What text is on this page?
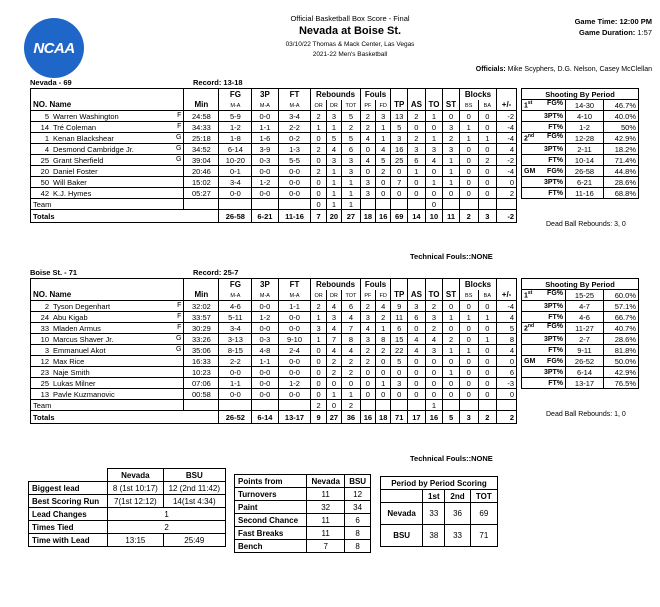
NCAA
Official Basketball Box Score - Final
Nevada at Boise St.
03/10/22 Thomas & Mack Center, Las Vegas
2021-22 Men's Basketball
Game Time: 12:00 PM
Game Duration: 1:57
Officials: Mike Scyphers, D.G. Nelson, Casey McClellan
Nevada - 69	Record: 13-18
		FG	3P	FT	Rebounds			Fouls						Blocks		
NO. Name	Min	M-A	M-A	M-A	OR	DR	TOT	PF	FD	TP	AS	TO	ST	BS	BA	+/-
5 Warren Washington F	24:58	5-9	0-0	3-4	2	3	5	2	3	13	2	1	0	0	0	-2
14 Tré Coleman F	34:33	1-2	1-1	2-2	1	1	2	2	1	5	0	0	3	1	0	-4
1 Kenan Blackshear G	25:18	1-8	1-6	0-2	0	5	5	4	1	3	2	1	2	1	1	-4
4 Desmond Cambridge Jr. G	34:52	6-14	3-9	1-3	2	4	6	0	4	16	3	3	3	0	0	4
25 Grant Sherfield G	39:04	10-20	0-3	5-5	0	3	3	4	5	25	6	4	1	0	2	-2
20 Daniel Foster	20:46	0-1	0-0	0-0	2	1	3	0	2	0	1	0	1	0	0	-4
50 Will Baker	15:02	3-4	1-2	0-0	0	1	1	3	0	7	0	1	1	0	0	0
42 K.J. Hymes	05:27	0-0	0-0	0-0	0	1	1	3	0	0	0	0	0	0	0	2
Team					0	1	1					0				
Totals		26-58	6-21	11-16	7	20	27	18	16	69	14	10	11	2	3	-2
Shooting By Period		

1st FG%	14-30	46.7%
3PT%	4-10	40.0%
FT%	1-2	50%

2nd FG%	12-28	42.9%
3PT%	2-11	18.2%
FT%	10-14	71.4%

GM FG%	26-58	44.8%
3PT%	6-21	28.6%
FT%	11-16	68.8%
Dead Ball Rebounds: 3, 0
Technical Fouls::NONE
Boise St. - 71	Record: 25-7
		FG	3P	FT	Rebounds			Fouls						Blocks		
NO. Name	Min	M-A	M-A	M-A	OR	DR	TOT	PF	FD	TP	AS	TO	ST	BS	BA	+/-
2 Tyson Degenhart F	32:02	4-6	0-0	1-1	2	4	6	2	4	9	3	2	0	0	0	-4
24 Abu Kigab F	33:57	5-11	1-2	0-0	1	3	4	3	2	11	6	3	1	1	1	4
33 Mladen Armus F	30:29	3-4	0-0	0-0	3	4	7	4	1	6	0	2	0	0	0	5
10 Marcus Shaver Jr. G	33:26	3-13	0-3	9-10	1	7	8	3	8	15	4	4	2	0	1	8
3 Emmanuel Akot G	35:06	8-15	4-8	2-4	0	4	4	2	2	22	4	3	1	1	0	4
12 Max Rice	16:33	2-2	1-1	0-0	0	2	2	2	0	5	0	0	0	0	0	0
23 Naje Smith	10:23	0-0	0-0	0-0	0	2	2	0	0	0	0	0	1	0	0	6
25 Lukas Milner	07:06	1-1	0-0	1-2	0	0	0	0	1	3	0	0	0	0	0	-3
13 Pavle Kuzmanovic	00:58	0-0	0-0	0-0	0	1	1	0	0	0	0	0	0	0	0	0
Team					2	0	2					1				
Totals		26-52	6-14	13-17	9	27	36	16	18	71	17	16	5	3	2	2
Shooting By Period		

1st FG%	15-25	60.0%
3PT%	4-7	57.1%
FT%	4-6	66.7%

2nd FG%	11-27	40.7%
3PT%	2-7	28.6%
FT%	9-11	81.8%

GM FG%	26-52	50.0%
3PT%	6-14	42.9%
FT%	13-17	76.5%
Dead Ball Rebounds: 1, 0
Technical Fouls::NONE
	Nevada	BSU
Biggest lead	8 (1st 10:17)	12 (2nd 11:42)
Best Scoring Run	7(1st 12:12)	14(1st 4:34)
Lead Changes	1	
Times Tied	2	
Time with Lead	13:15	25:49
Points from	Nevada	BSU
Turnovers	11	12
Paint	32	34
Second Chance	11	6
Fast Breaks	11	8
Bench	7	8
Period by Period Scoring			
	1st	2nd	TOT
Nevada	33	36	69
BSU	38	33	71
